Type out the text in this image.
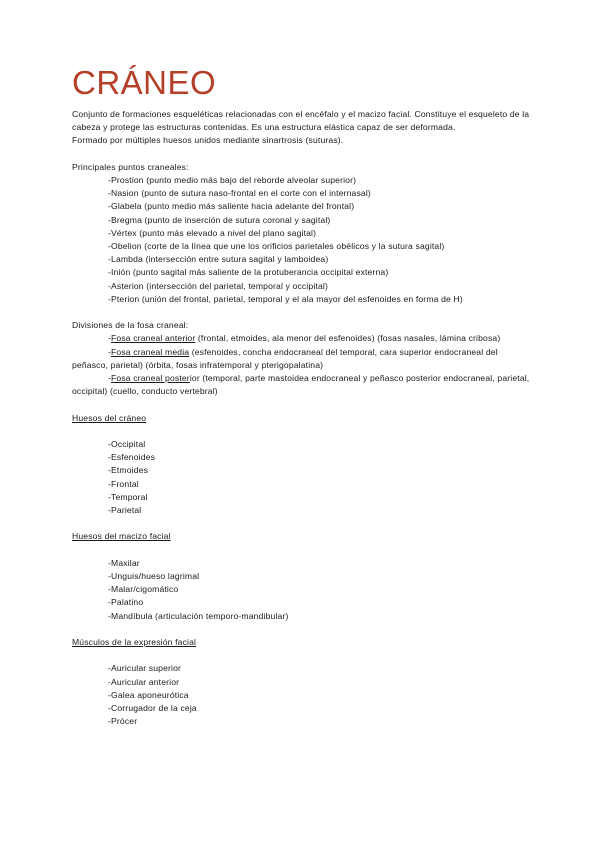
CRÁNEO

Conjunto de formaciones esqueléticas relacionadas con el encéfalo y el macizo facial. Constituye el esqueleto de la cabeza y protege las estructuras contenidas. Es una estructura elástica capaz de ser deformada.

Formado por múltiples huesos unidos mediante sinartrosis (suturas).

Principales puntos craneales:

-Prostion (punto medio más bajo del reborde alveolar superior)
-Nasion (punto de sutura naso-frontal en el corte con el internasal)
-Glabela (punto medio más saliente hacia adelante del frontal)
-Bregma (punto de inserción de sutura coronal y sagital)
-Vértex (punto más elevado a nivel del plano sagital)
-Obelion (corte de la línea que une los orificios parietales obélicos y la sutura sagital)
-Lambda (intersección entre sutura sagital y lamboidea)
-Inión (punto sagital más saliente de la protuberancia occipital externa)
-Asterion (intersección del parietal, temporal y occipital)
-Pterion (unión del frontal, parietal, temporal y el ala mayor del esfenoides en forma de H)

Divisiones de la fosa craneal:

-Fosa craneal anterior (frontal, etmoides, ala menor del esfenoides) (fosas nasales, lámina cribosa)

-Fosa craneal media (esfenoides, concha endocraneal del temporal, cara superior endocraneal del peñasco, parietal) (órbita, fosas infratemporal y pterigopalatina)

-Fosa craneal posterior (temporal, parte mastoidea endocraneal y peñasco posterior endocraneal, parietal, occipital) (cuello, conducto vertebral)

Huesos del cráneo

-Occipital
-Esfenoides
-Etmoides
-Frontal
-Temporal
-Parietal

Huesos del macizo facial

-Maxilar
-Unguis/hueso lagrimal
-Malar/cigomático
-Palatino
-Mandíbula (articulación temporo-mandibular)

Músculos de la expresión facial

-Auricular superior
-Auricular anterior
-Galea aponeurótica
-Corrugador de la ceja
-Prócer
